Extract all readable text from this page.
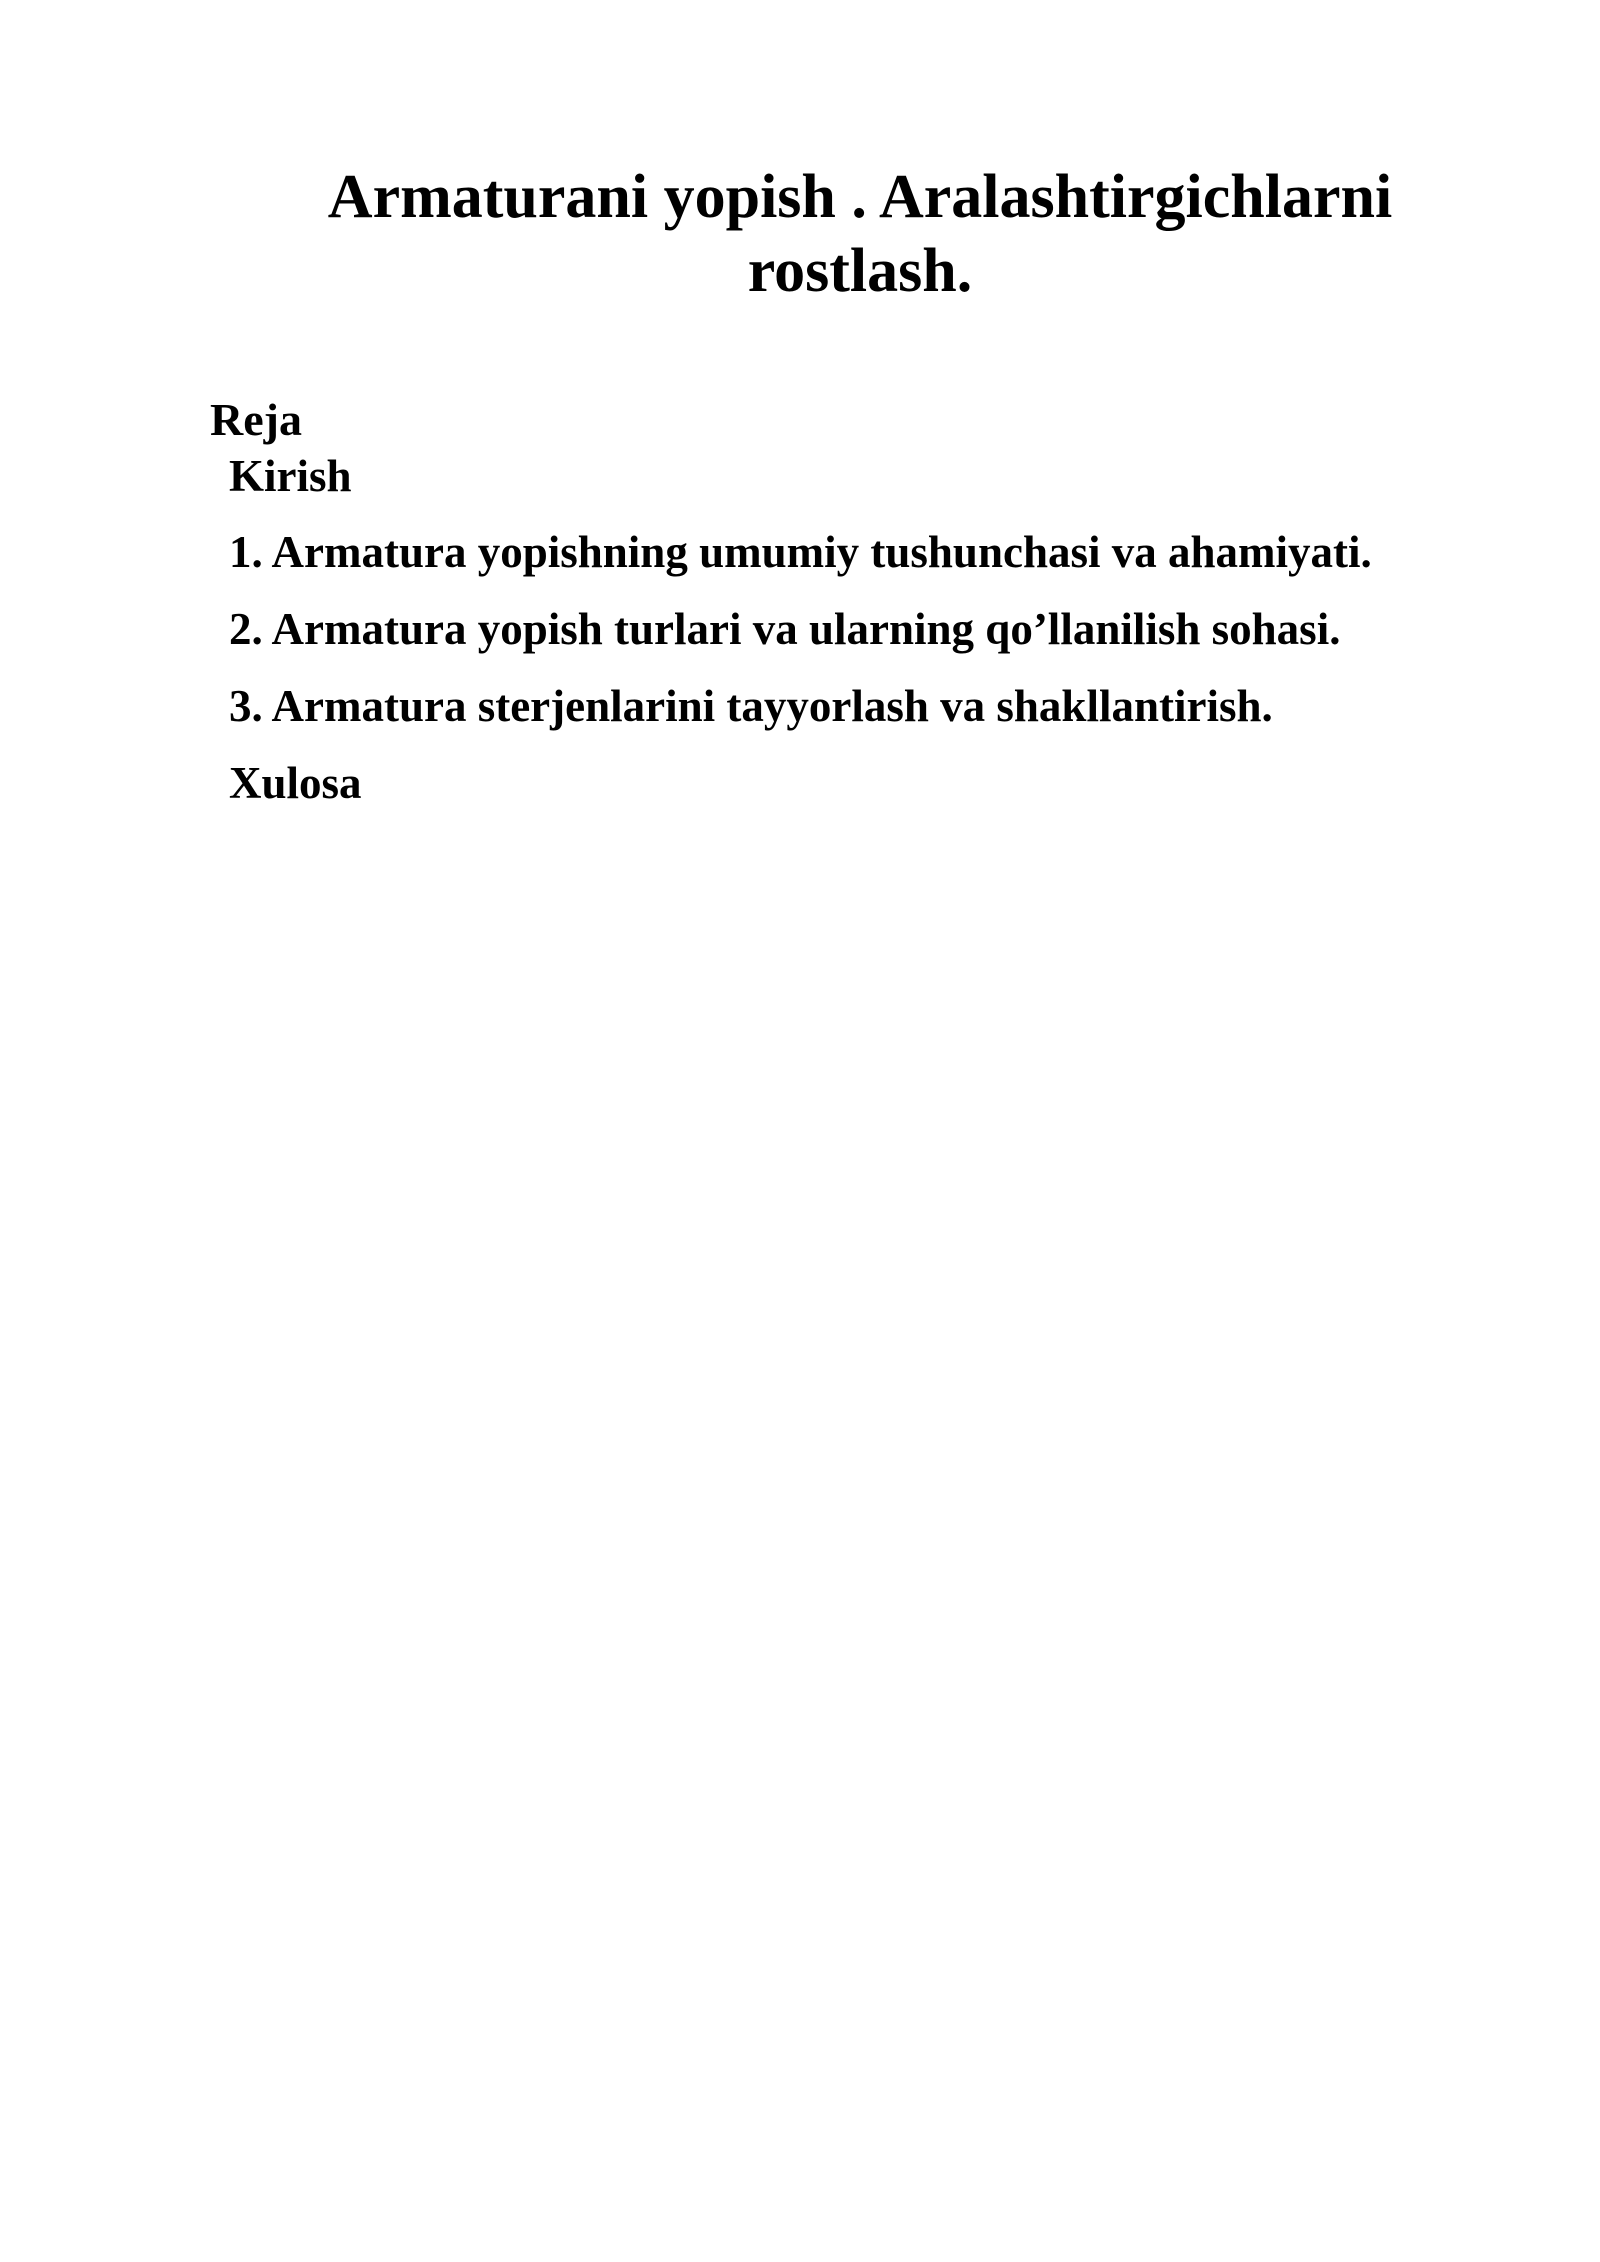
Armaturani yopish . Aralashtirgichlarni rostlash.
Reja
Kirish
1. Armatura yopishning umumiy tushunchasi va ahamiyati.
2. Armatura yopish turlari va ularning qo’llanilish sohasi.
3. Armatura sterjenlarini tayyorlash va shakllantirish.
Xulosa
